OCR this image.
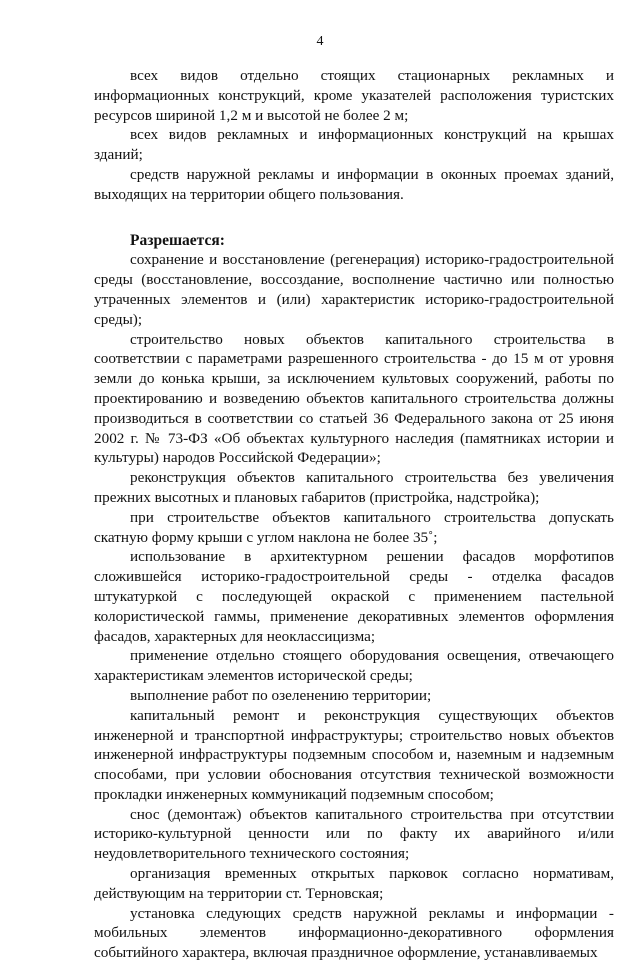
4

всех видов отдельно стоящих стационарных рекламных и информационных конструкций, кроме указателей расположения туристских ресурсов шириной 1,2 м и высотой не более 2 м;

всех видов рекламных и информационных конструкций на крышах зданий;

средств наружной рекламы и информации в оконных проемах зданий, выходящих на территории общего пользования.

Разрешается:

сохранение и восстановление (регенерация) историко-градостроительной среды (восстановление, воссоздание, восполнение частично или полностью утраченных элементов и (или) характеристик историко-градостроительной среды);

строительство новых объектов капитального строительства в соответствии с параметрами разрешенного строительства - до 15 м от уровня земли до конька крыши, за исключением культовых сооружений, работы по проектированию и возведению объектов капитального строительства должны производиться в соответствии со статьей 36 Федерального закона от 25 июня 2002 г. № 73-ФЗ «Об объектах культурного наследия (памятниках истории и культуры) народов Российской Федерации»;

реконструкция объектов капитального строительства без увеличения прежних высотных и плановых габаритов (пристройка, надстройка);

при строительстве объектов капитального строительства допускать скатную форму крыши с углом наклона не более 35˚;

использование в архитектурном решении фасадов морфотипов сложившейся историко-градостроительной среды - отделка фасадов штукатуркой с последующей окраской с применением пастельной колористической гаммы, применение декоративных элементов оформления фасадов, характерных для неоклассицизма;

применение отдельно стоящего оборудования освещения, отвечающего характеристикам элементов исторической среды;

выполнение работ по озеленению территории;

капитальный ремонт и реконструкция существующих объектов инженерной и транспортной инфраструктуры; строительство новых объектов инженерной инфраструктуры подземным способом и, наземным и надземным способами, при условии обоснования отсутствия технической возможности прокладки инженерных коммуникаций подземным способом;

снос (демонтаж) объектов капитального строительства при отсутствии историко-культурной ценности или по факту их аварийного и/или неудовлетворительного технического состояния;

организация временных открытых парковок согласно нормативам, действующим на территории ст. Терновская;

установка следующих средств наружной рекламы и информации - мобильных элементов информационно-декоративного оформления событийного характера, включая праздничное оформление, устанавливаемых
